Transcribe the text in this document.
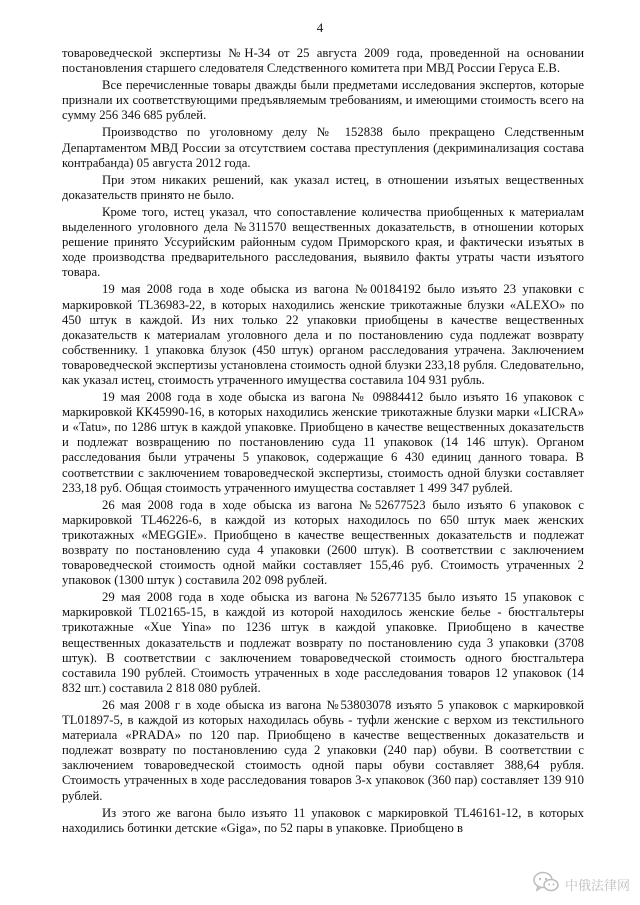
4

товароведческой экспертизы №Н-34 от 25 августа 2009 года, проведенной на основании постановления старшего следователя Следственного комитета при МВД России Геруса Е.В.

Все перечисленные товары дважды были предметами исследования экспертов, которые признали их соответствующими предъявляемым требованиям, и имеющими стоимость всего на сумму 256 346 685 рублей.

Производство по уголовному делу № 152838 было прекращено Следственным Департаментом МВД России за отсутствием состава преступления (декриминализация состава контрабанда) 05 августа 2012 года.

При этом никаких решений, как указал истец, в отношении изъятых вещественных доказательств принято не было.

Кроме того, истец указал, что сопоставление количества приобщенных к материалам выделенного уголовного дела №311570 вещественных доказательств, в отношении которых решение принято Уссурийским районным судом Приморского края, и фактически изъятых в ходе производства предварительного расследования, выявило факты утраты части изъятого товара.

19 мая 2008 года в ходе обыска из вагона №00184192 было изъято 23 упаковки с маркировкой TL36983-22, в которых находились женские трикотажные блузки «ALEXO» по 450 штук в каждой. Из них только 22 упаковки приобщены в качестве вещественных доказательств к материалам уголовного дела и по постановлению суда подлежат возврату собственнику. 1 упаковка блузок (450 штук) органом расследования утрачена. Заключением товароведческой экспертизы установлена стоимость одной блузки 233,18 рубля. Следовательно, как указал истец, стоимость утраченного имущества составила 104 931 рубль.

19 мая 2008 года в ходе обыска из вагона № 09884412 было изъято 16 упаковок с маркировкой КК45990-16, в которых находились женские трикотажные блузки марки «LICRA» и «Tatu», по 1286 штук в каждой упаковке. Приобщено в качестве вещественных доказательств и подлежат возвращению по постановлению суда 11 упаковок (14 146 штук). Органом расследования были утрачены 5 упаковок, содержащие 6 430 единиц данного товара. В соответствии с заключением товароведческой экспертизы, стоимость одной блузки составляет 233,18 руб. Общая стоимость утраченного имущества составляет 1 499 347 рублей.

26 мая 2008 года в ходе обыска из вагона №52677523 было изъято 6 упаковок с маркировкой TL46226-6, в каждой из которых находилось по 650 штук маек женских трикотажных «MEGGIE». Приобщено в качестве вещественных доказательств и подлежат возврату по постановлению суда 4 упаковки (2600 штук). В соответствии с заключением товароведческой стоимость одной майки составляет 155,46 руб. Стоимость утраченных 2 упаковок (1300 штук ) составила 202 098 рублей.

29 мая 2008 года в ходе обыска из вагона №52677135 было изъято 15 упаковок с маркировкой TL02165-15, в каждой из которой находилось женские белье - бюстгальтеры трикотажные «Xue Yina» по 1236 штук в каждой упаковке. Приобщено в качестве вещественных доказательств и подлежат возврату по постановлению суда 3 упаковки (3708 штук). В соответствии с заключением товароведческой стоимость одного бюстгальтера составила 190 рублей. Стоимость утраченных в ходе расследования товаров 12 упаковок (14 832 шт.) составила 2 818 080 рублей.

26 мая 2008 г в ходе обыска из вагона №53803078 изъято 5 упаковок с маркировкой TL01897-5, в каждой из которых находилась обувь - туфли женские с верхом из текстильного материала «PRADA» по 120 пар. Приобщено в качестве вещественных доказательств и подлежат возврату по постановлению суда 2 упаковки (240 пар) обуви. В соответствии с заключением товароведческой стоимость одной пары обуви составляет 388,64 рубля. Стоимость утраченных в ходе расследования товаров 3-х упаковок (360 пар) составляет 139 910 рублей.

Из этого же вагона было изъято 11 упаковок с маркировкой TL46161-12, в которых находились ботинки детские «Giga», по 52 пары в упаковке. Приобщено в

中俄法律网
